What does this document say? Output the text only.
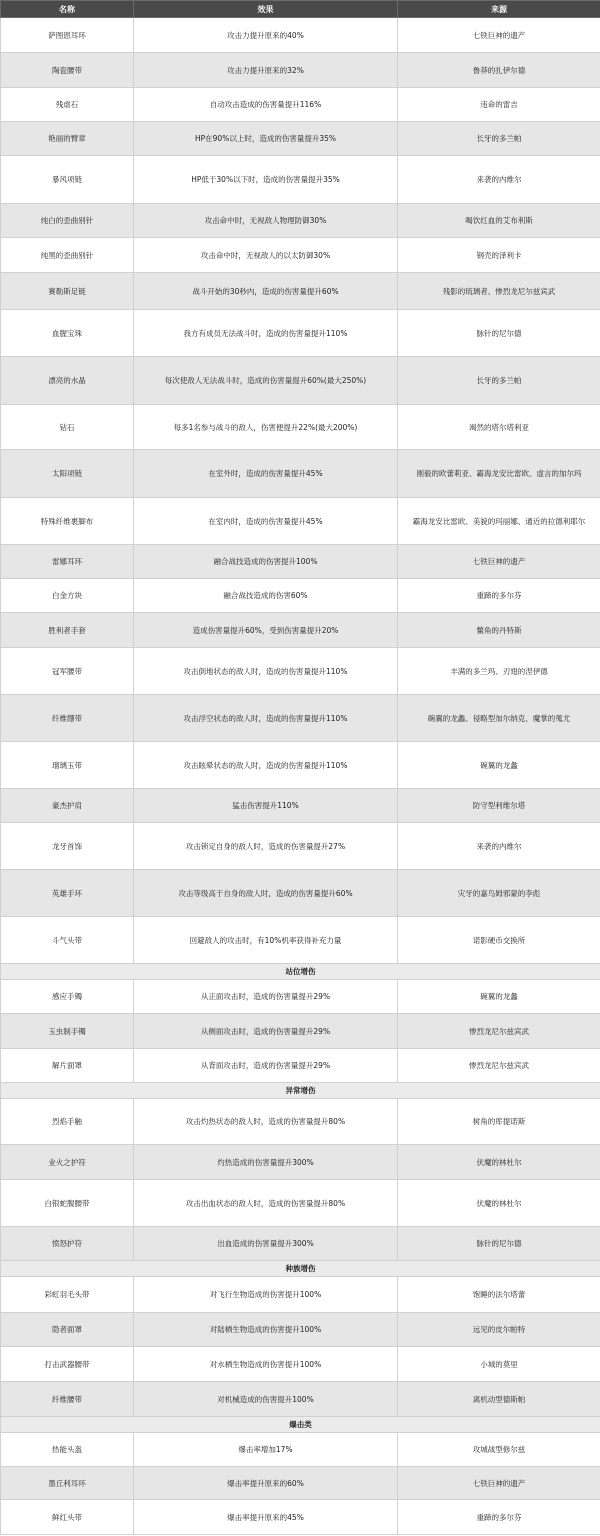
名称	效果	来源
萨图恩耳环	攻击力提升原来的40%	七铁巨神的遗产
陶瓷腰带	攻击力提升原来的32%	鲁莽的扎伊尔德
残虐石	自动攻击造成的伤害量提升116%	违命的雷吉
艳丽的臂章	HP在90%以上时，造成的伤害量提升35%	长牙的多兰帕
暴风项链	HP低于30%以下时，造成的伤害量提升35%	来袭的内维尔
纯白的歪曲别针	攻击命中时，无视敌人物理防御30%	喝饮红血的艾布利斯
纯黑的歪曲别针	攻击命中时，无视敌人的以太防御30%	钢壳的泽利卡
赛勒斯足链	战斗开始的30秒内，造成的伤害量提升60%	残影的琉璃者、惨烈龙尼尔兹宾武
血腥宝珠	我方有成员无法战斗时，造成的伤害量提升110%	脉针的尼尔德
漂亮的水晶	每次使敌人无法战斗时，造成的伤害量提升60%(最大250%)	长牙的多兰帕
钻石	每多1名参与战斗的敌人，伤害便提升22%(最大200%)	竭然的塔尔塔利亚
太阳项链	在室外时，造成的伤害量提升45%	刚毅的欧蕾莉亚、霸海龙安比雷欧、虚言的加尔玛
特殊纤维裹脚布	在室内时，造成的伤害量提升45%	霸海龙安比雷欧、美貌的玛丽娜、通近的拉德利耶尔
雷娜耳环	融合战技造成的伤害提升100%	七铁巨神的遗产
白金方块	融合战技造成的伤害60%	重蹄的多尔芬
胜利者手套	造成伤害量提升60%，受到伤害量提升20%	鳖角的丹特斯
冠军腰带	攻击倒地状态的敌人时，造成的伤害量提升110%	丰满的多兰玛、刃翅的涅伊德
纤维绷带	攻击浮空状态的敌人时，造成的伤害量提升110%	碗翼的龙蠡、侵略型加尔纳克、魔掌的蒐尤
瑠璃玉带	攻击眩晕状态的敌人时，造成的伤害量提升110%	碗翼的龙蠡
豪杰护肩	猛击伤害提升110%	防守型利维尔塔
龙牙首饰	攻击锁定自身的敌人时，造成的伤害量提升27%	来袭的内维尔
英雄手环	攻击等级高于自身的敌人时，造成的伤害量提升60%	灾牙的嘉鸟姆邪蒙的李彪
斗气头带	回避敌人的攻击时，有10%机率获得补充力量	诺影硬币交换所
站位增伤		
感应手镯	从正面攻击时，造成的伤害量提升29%	碗翼的龙蠡
玉虫制手镯	从侧面攻击时，造成的伤害量提升29%	惨烈龙尼尔兹宾武
解片面罩	从背面攻击时，造成的伤害量提升29%	惨烈龙尼尔兹宾武
异常增伤		
烈焰手触	攻击灼热状态的敌人时，造成的伤害量提升80%	树角的库提诺斯
业火之护符	灼热造成的伤害量提升300%	伏魔的林杜尔
白银蛇腹腰带	攻击出血状态的敌人时，造成的伤害量提升80%	伏魔的林杜尔
愤怒护符	出血造成的伤害量提升300%	脉针的尼尔德
种族增伤		
彩虹羽毛头带	对飞行生物造成的伤害提升100%	饱睡的法尔塔蕾
隐者面罩	对陆栖生物造成的伤害提升100%	远见的皮尔帕特
打击武器腰带	对水栖生物造成的伤害提升100%	小城的莫里
纤维腰带	对机械造成的伤害提升100%	离机动型德斯帕
爆击类		
热能头盔	爆击率增加17%	攻城战型修尔兹
墨丘利耳环	爆击率提升原来的60%	七铁巨神的遗产
鲜红头带	爆击率提升原来的45%	重蹄的多尔芬
